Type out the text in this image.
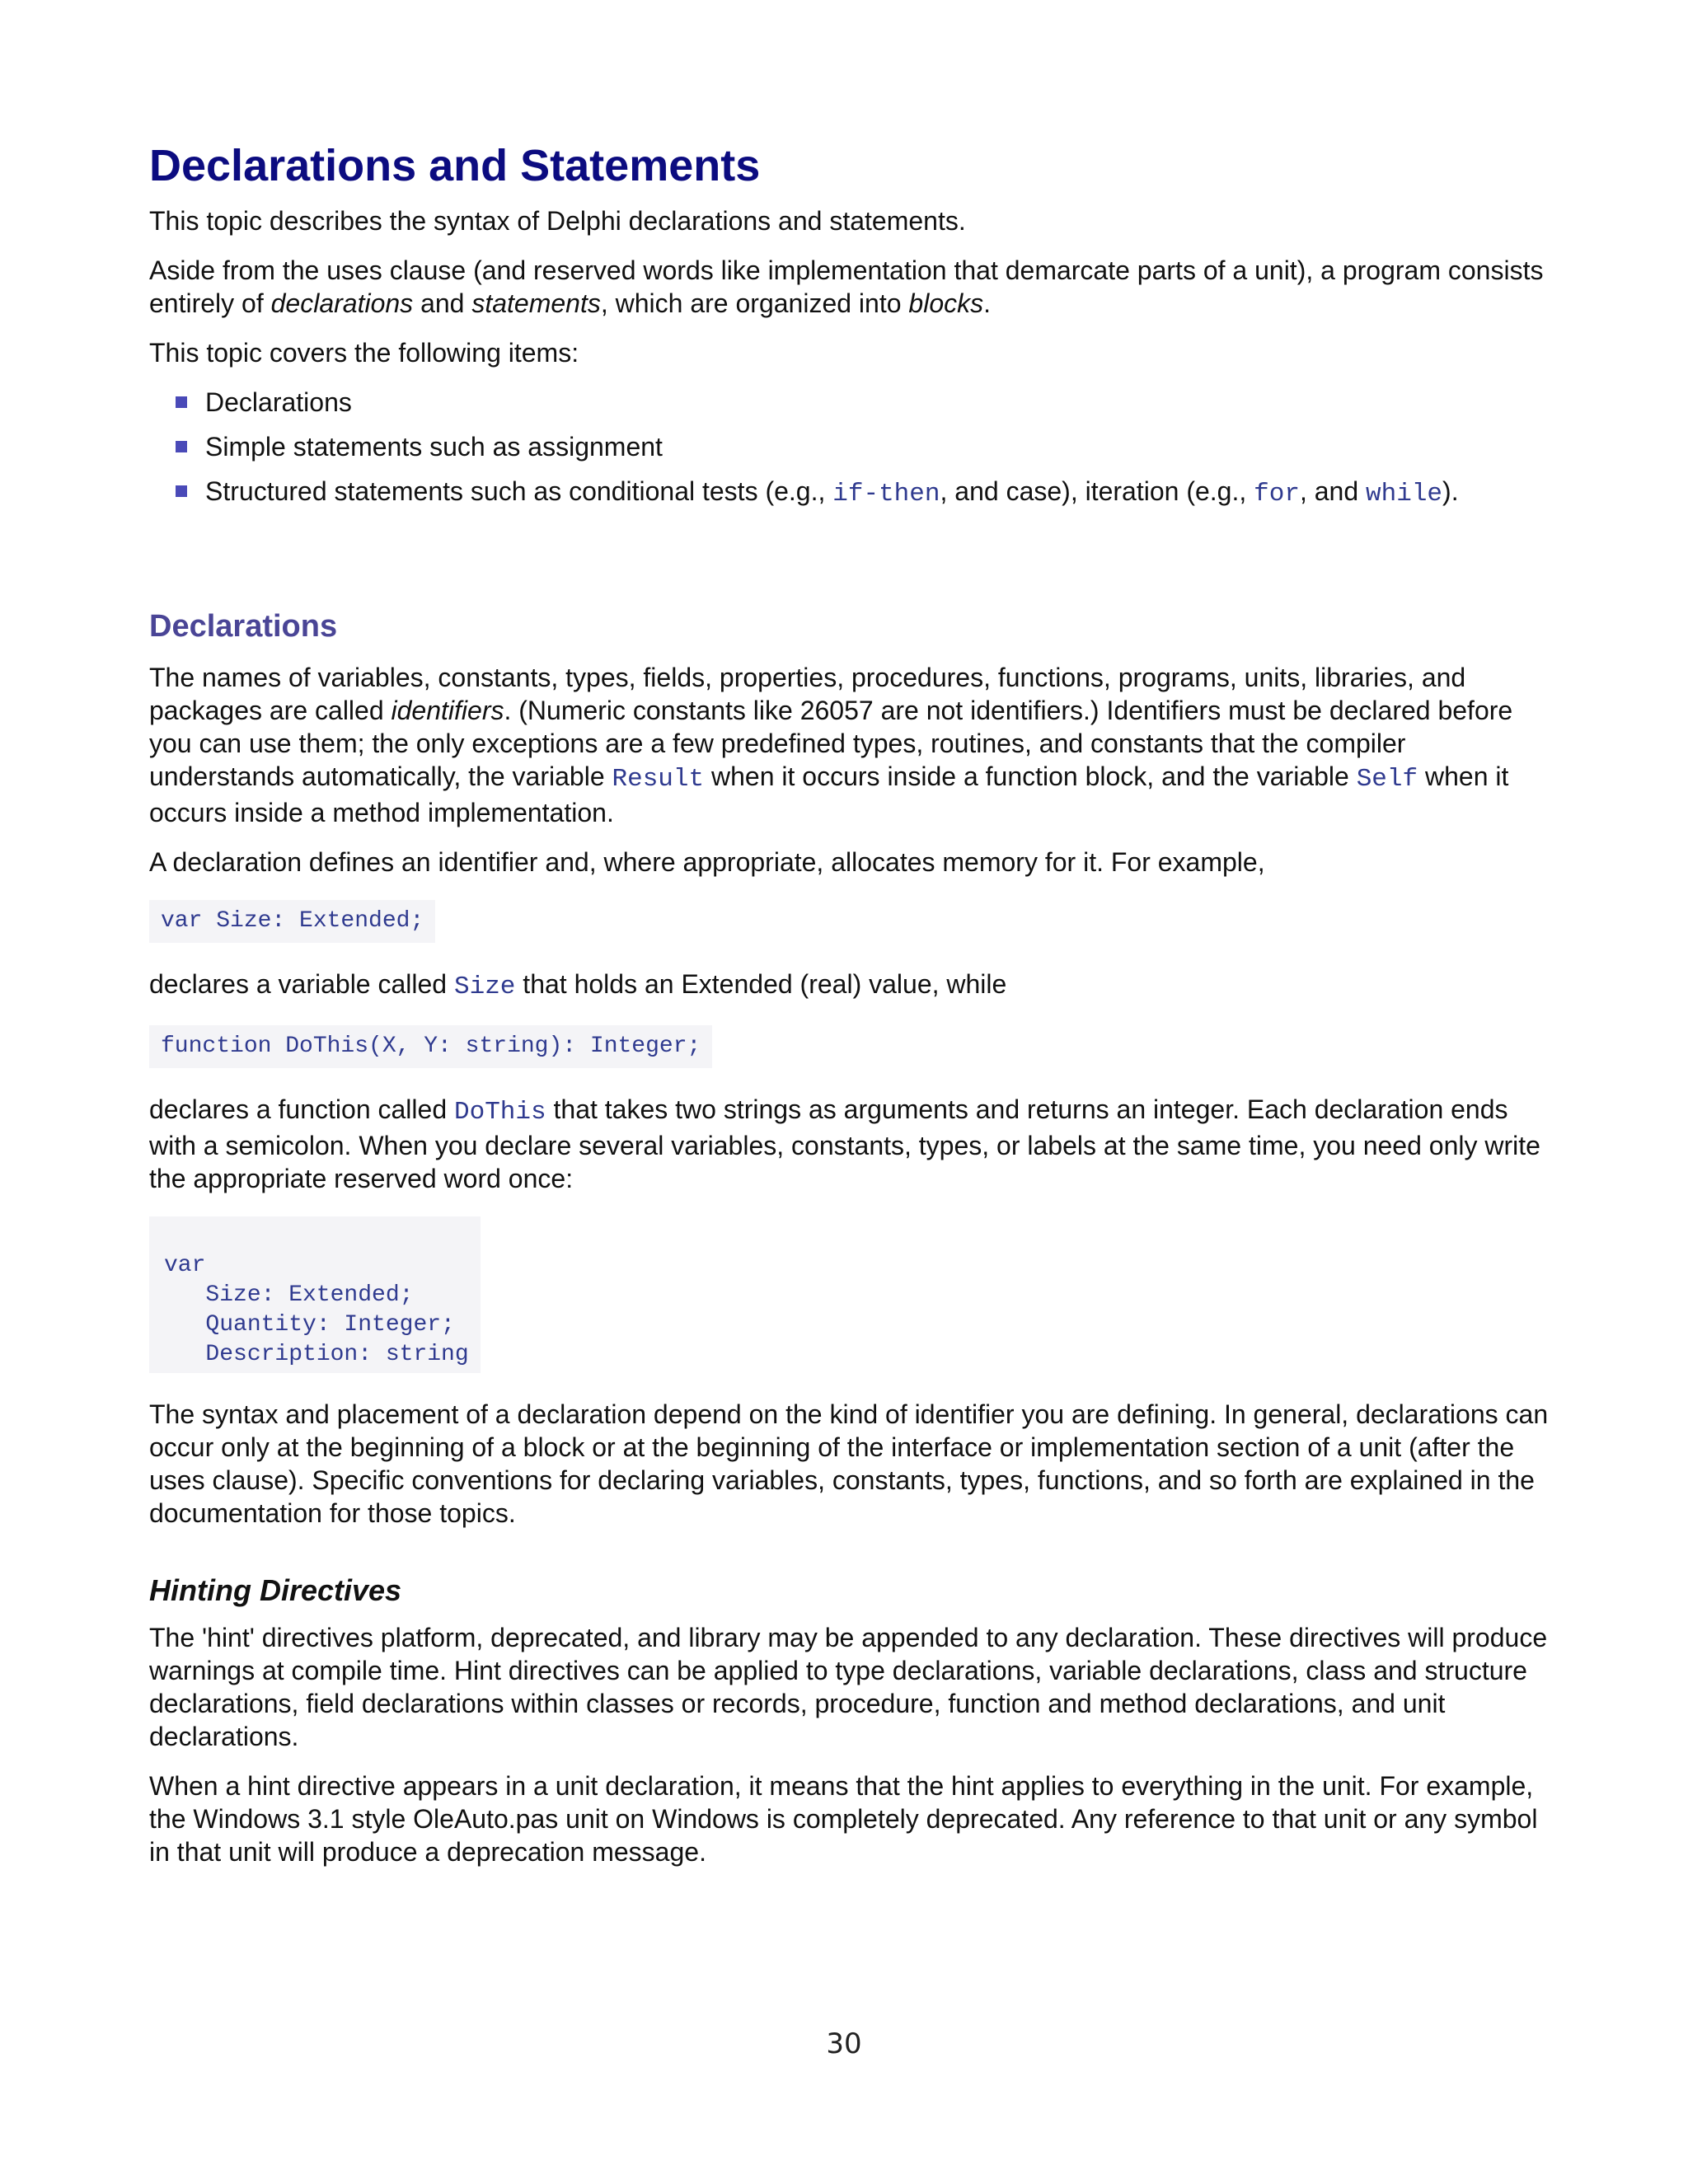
Declarations and Statements

This topic describes the syntax of Delphi declarations and statements.

Aside from the uses clause (and reserved words like implementation that demarcate parts of a unit), a program consists entirely of declarations and statements, which are organized into blocks.

This topic covers the following items:

Declarations
Simple statements such as assignment
Structured statements such as conditional tests (e.g., if-then, and case), iteration (e.g., for, and while).
Declarations

The names of variables, constants, types, fields, properties, procedures, functions, programs, units, libraries, and packages are called identifiers. (Numeric constants like 26057 are not identifiers.) Identifiers must be declared before you can use them; the only exceptions are a few predefined types, routines, and constants that the compiler understands automatically, the variable Result when it occurs inside a function block, and the variable Self when it occurs inside a method implementation.

A declaration defines an identifier and, where appropriate, allocates memory for it. For example,

var Size: Extended;

declares a variable called Size that holds an Extended (real) value, while

function DoThis(X, Y: string): Integer;

declares a function called DoThis that takes two strings as arguments and returns an integer. Each declaration ends with a semicolon. When you declare several variables, constants, types, or labels at the same time, you need only write the appropriate reserved word once:

var
Size: Extended;
Quantity: Integer;
Description: string

The syntax and placement of a declaration depend on the kind of identifier you are defining. In general, declarations can occur only at the beginning of a block or at the beginning of the interface or implementation section of a unit (after the uses clause). Specific conventions for declaring variables, constants, types, functions, and so forth are explained in the documentation for those topics.

Hinting Directives

The 'hint' directives platform, deprecated, and library may be appended to any declaration. These directives will produce warnings at compile time. Hint directives can be applied to type declarations, variable declarations, class and structure declarations, field declarations within classes or records, procedure, function and method declarations, and unit declarations.

When a hint directive appears in a unit declaration, it means that the hint applies to everything in the unit. For example, the Windows 3.1 style OleAuto.pas unit on Windows is completely deprecated. Any reference to that unit or any symbol in that unit will produce a deprecation message.

30
